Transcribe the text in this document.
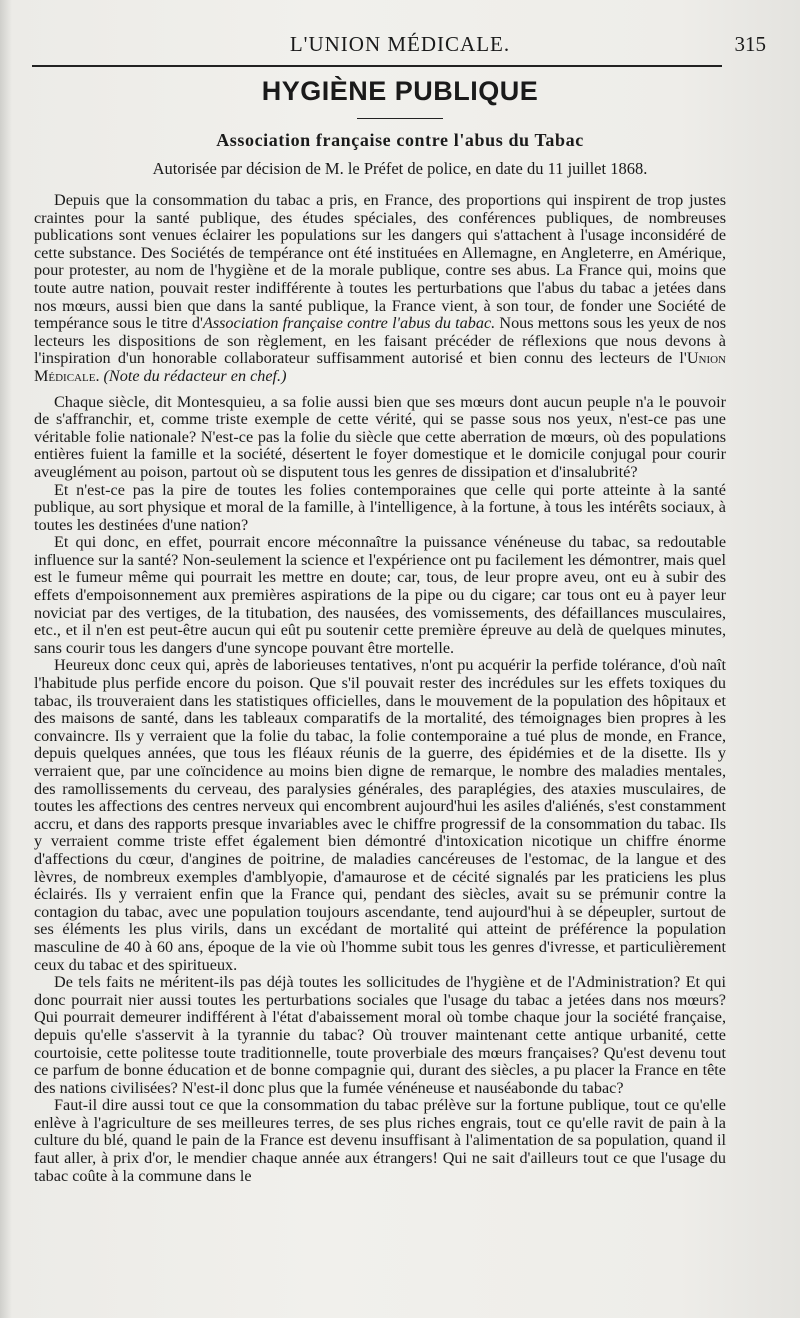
L'UNION MÉDICALE.	315
HYGIÈNE PUBLIQUE
Association française contre l'abus du Tabac
Autorisée par décision de M. le Préfet de police, en date du 11 juillet 1868.

Depuis que la consommation du tabac a pris, en France, des proportions qui inspirent de trop justes craintes pour la santé publique, des études spéciales, des conférences publiques, de nombreuses publications sont venues éclairer les populations sur les dangers qui s'attachent à l'usage inconsidéré de cette substance. Des Sociétés de tempérance ont été instituées en Allemagne, en Angleterre, en Amérique, pour protester, au nom de l'hygiène et de la morale publique, contre ses abus. La France qui, moins que toute autre nation, pouvait rester indifférente à toutes les perturbations que l'abus du tabac a jetées dans nos mœurs, aussi bien que dans la santé publique, la France vient, à son tour, de fonder une Société de tempérance sous le titre d'Association française contre l'abus du tabac. Nous mettons sous les yeux de nos lecteurs les dispositions de son règlement, en les faisant précéder de réflexions que nous devons à l'inspiration d'un honorable collaborateur suffisamment autorisé et bien connu des lecteurs de l'Union Médicale. (Note du rédacteur en chef.)

Chaque siècle, dit Montesquieu, a sa folie aussi bien que ses mœurs dont aucun peuple n'a le pouvoir de s'affranchir, et, comme triste exemple de cette vérité, qui se passe sous nos yeux, n'est-ce pas une véritable folie nationale? N'est-ce pas la folie du siècle que cette aberration de mœurs, où des populations entières fuient la famille et la société, désertent le foyer domestique et le domicile conjugal pour courir aveuglément au poison, partout où se disputent tous les genres de dissipation et d'insalubrité?

Et n'est-ce pas la pire de toutes les folies contemporaines que celle qui porte atteinte à la santé publique, au sort physique et moral de la famille, à l'intelligence, à la fortune, à tous les intérêts sociaux, à toutes les destinées d'une nation?

Et qui donc, en effet, pourrait encore méconnaître la puissance vénéneuse du tabac, sa redoutable influence sur la santé? Non-seulement la science et l'expérience ont pu facilement les démontrer, mais quel est le fumeur même qui pourrait les mettre en doute; car, tous, de leur propre aveu, ont eu à subir des effets d'empoisonnement aux premières aspirations de la pipe ou du cigare; car tous ont eu à payer leur noviciat par des vertiges, de la titubation, des nausées, des vomissements, des défaillances musculaires, etc., et il n'en est peut-être aucun qui eût pu soutenir cette première épreuve au delà de quelques minutes, sans courir tous les dangers d'une syncope pouvant être mortelle.

Heureux donc ceux qui, après de laborieuses tentatives, n'ont pu acquérir la perfide tolérance, d'où naît l'habitude plus perfide encore du poison. Que s'il pouvait rester des incrédules sur les effets toxiques du tabac, ils trouveraient dans les statistiques officielles, dans le mouvement de la population des hôpitaux et des maisons de santé, dans les tableaux comparatifs de la mortalité, des témoignages bien propres à les convaincre. Ils y verraient que la folie du tabac, la folie contemporaine a tué plus de monde, en France, depuis quelques années, que tous les fléaux réunis de la guerre, des épidémies et de la disette. Ils y verraient que, par une coïncidence au moins bien digne de remarque, le nombre des maladies mentales, des ramollissements du cerveau, des paralysies générales, des paraplégies, des ataxies musculaires, de toutes les affections des centres nerveux qui encombrent aujourd'hui les asiles d'aliénés, s'est constamment accru, et dans des rapports presque invariables avec le chiffre progressif de la consommation du tabac. Ils y verraient comme triste effet également bien démontré d'intoxication nicotique un chiffre énorme d'affections du cœur, d'angines de poitrine, de maladies cancéreuses de l'estomac, de la langue et des lèvres, de nombreux exemples d'amblyopie, d'amaurose et de cécité signalés par les praticiens les plus éclairés. Ils y verraient enfin que la France qui, pendant des siècles, avait su se prémunir contre la contagion du tabac, avec une population toujours ascendante, tend aujourd'hui à se dépeupler, surtout de ses éléments les plus virils, dans un excédant de mortalité qui atteint de préférence la population masculine de 40 à 60 ans, époque de la vie où l'homme subit tous les genres d'ivresse, et particulièrement ceux du tabac et des spiritueux.

De tels faits ne méritent-ils pas déjà toutes les sollicitudes de l'hygiène et de l'Administration? Et qui donc pourrait nier aussi toutes les perturbations sociales que l'usage du tabac a jetées dans nos mœurs? Qui pourrait demeurer indifférent à l'état d'abaissement moral où tombe chaque jour la société française, depuis qu'elle s'asservit à la tyrannie du tabac? Où trouver maintenant cette antique urbanité, cette courtoisie, cette politesse toute traditionnelle, toute proverbiale des mœurs françaises? Qu'est devenu tout ce parfum de bonne éducation et de bonne compagnie qui, durant des siècles, a pu placer la France en tête des nations civilisées? N'est-il donc plus que la fumée vénéneuse et nauséabonde du tabac?

Faut-il dire aussi tout ce que la consommation du tabac prélève sur la fortune publique, tout ce qu'elle enlève à l'agriculture de ses meilleures terres, de ses plus riches engrais, tout ce qu'elle ravit de pain à la culture du blé, quand le pain de la France est devenu insuffisant à l'alimentation de sa population, quand il faut aller, à prix d'or, le mendier chaque année aux étrangers! Qui ne sait d'ailleurs tout ce que l'usage du tabac coûte à la commune dans le
